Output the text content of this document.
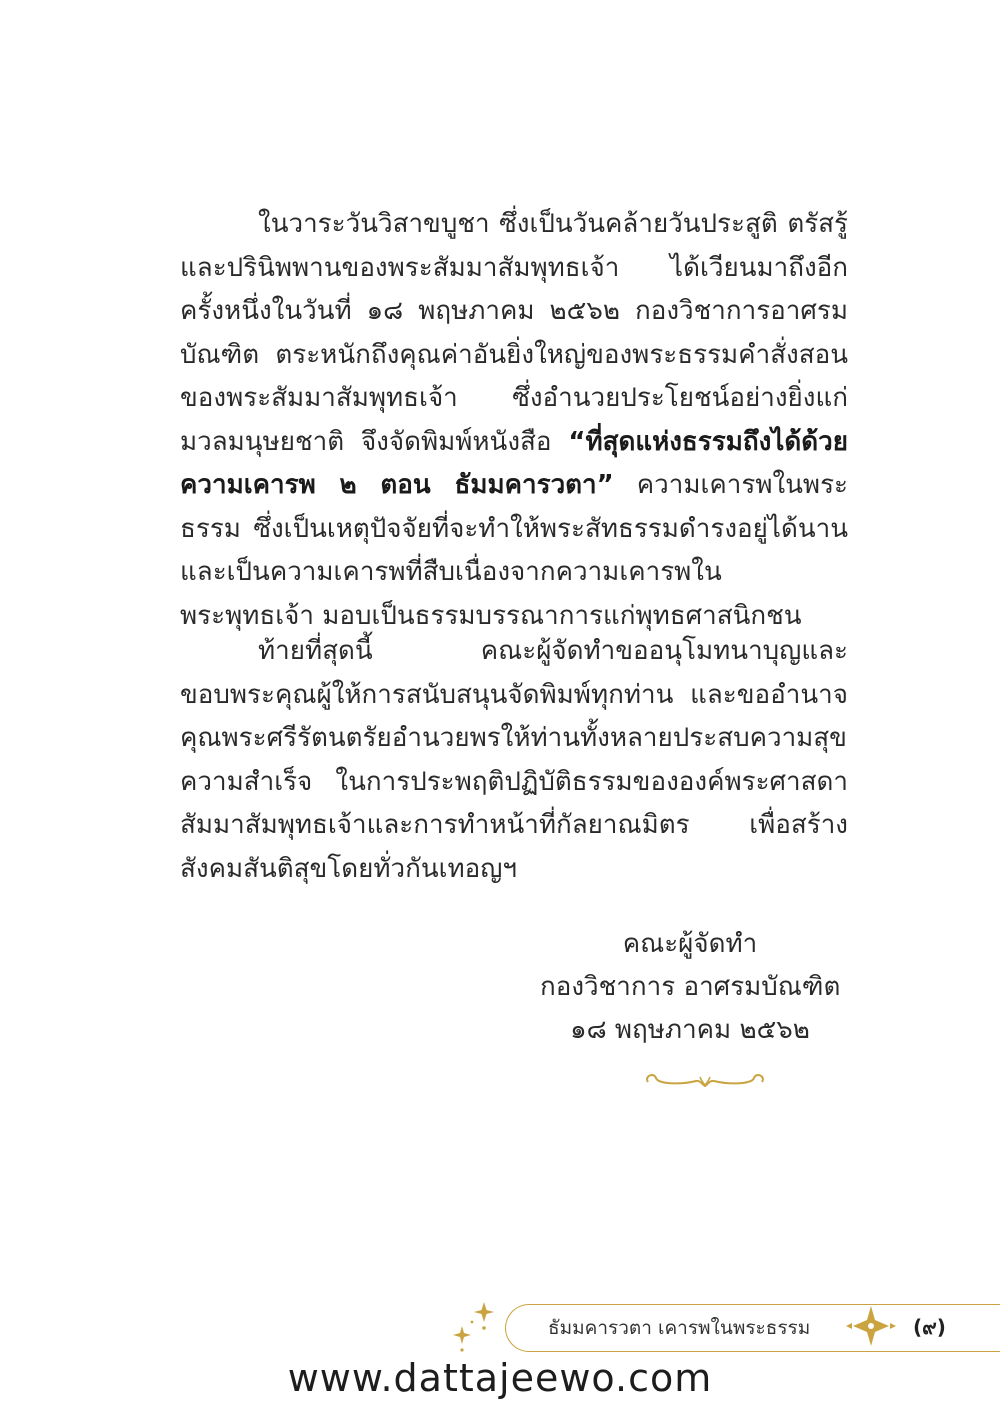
ในวาระวันวิสาขบูชา ซึ่งเป็นวันคล้ายวันประสูติ ตรัสรู้ และปรินิพพานของพระสัมมาสัมพุทธเจ้า ได้เวียนมาถึงอีกครั้งหนึ่งในวันที่ ๑๘ พฤษภาคม ๒๕๖๒ กองวิชาการอาศรมบัณฑิต ตระหนักถึงคุณค่าอันยิ่งใหญ่ของพระธรรมคำสั่งสอนของพระสัมมาสัมพุทธเจ้า ซึ่งอำนวยประโยชน์อย่างยิ่งแก่มวลมนุษยชาติ จึงจัดพิมพ์หนังสือ “ที่สุดแห่งธรรมถึงได้ด้วยความเคารพ ๒ ตอน ธัมมคารวตา” ความเคารพในพระธรรม ซึ่งเป็นเหตุปัจจัยที่จะทำให้พระสัทธรรมดำรงอยู่ได้นาน และเป็นความเคารพที่สืบเนื่องจากความเคารพในพระพุทธเจ้า มอบเป็นธรรมบรรณาการแก่พุทธศาสนิกชน

ท้ายที่สุดนี้ คณะผู้จัดทำขออนุโมทนาบุญและขอบพระคุณผู้ให้การสนับสนุนจัดพิมพ์ทุกท่าน และขออำนาจคุณพระศรีรัตนตรัยอำนวยพรให้ท่านทั้งหลายประสบความสุขความสำเร็จ ในการประพฤติปฏิบัติธรรมขององค์พระศาสดาสัมมาสัมพุทธเจ้าและการทำหน้าที่กัลยาณมิตร เพื่อสร้างสังคมสันติสุขโดยทั่วกันเทอญฯ

คณะผู้จัดทำ
กองวิชาการ อาศรมบัณฑิต
๑๘ พฤษภาคม ๒๕๖๒
ธัมมคารวตา เคารพในพระธรรม	(๙)
www.dattajeewo.com
